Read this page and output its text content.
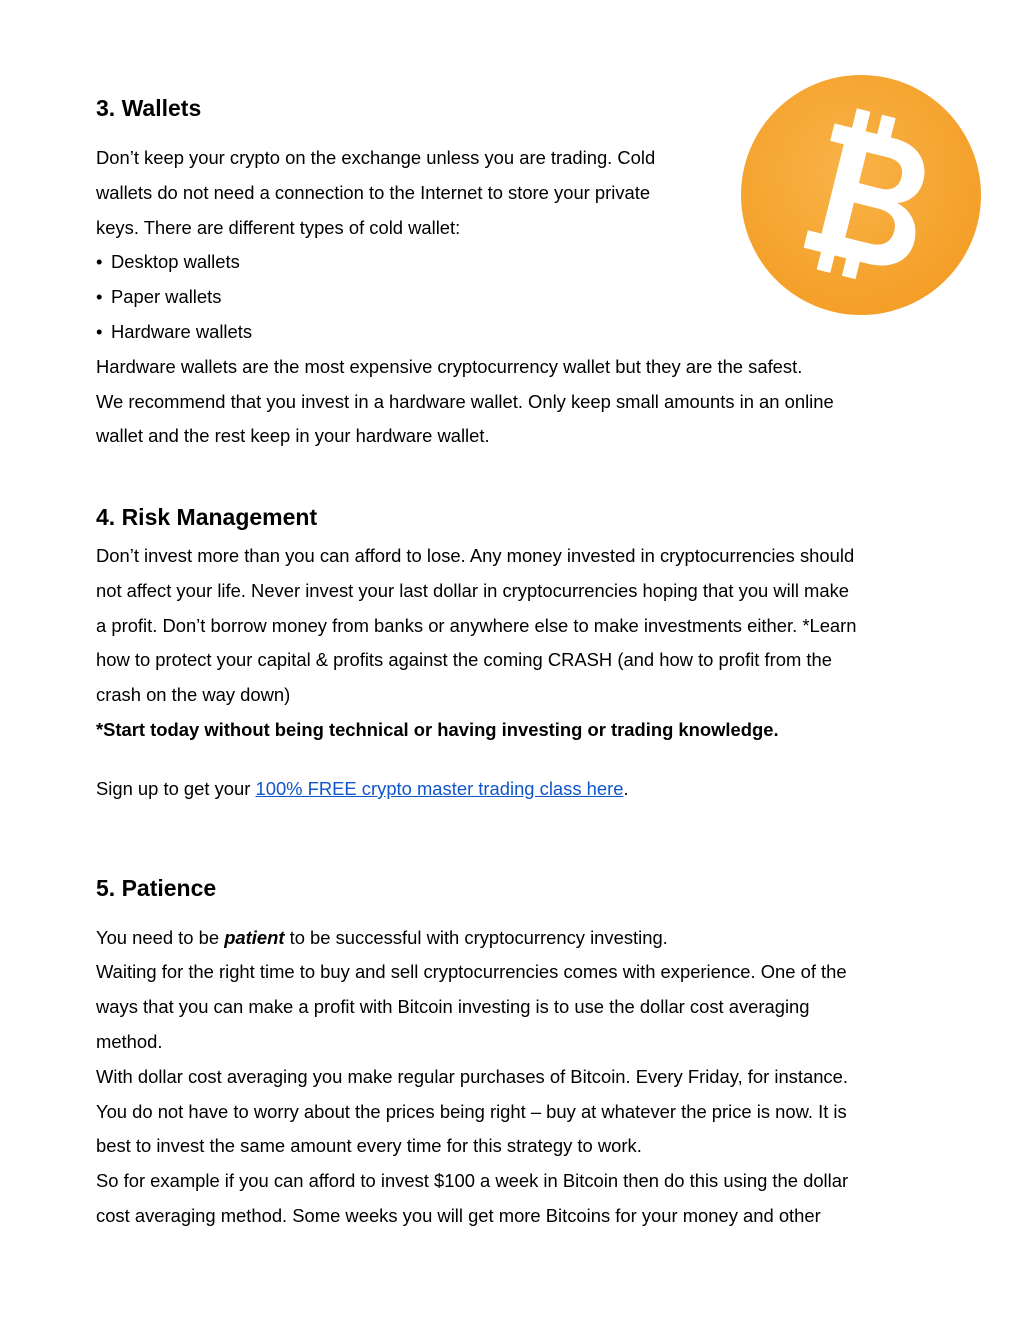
3. Wallets
Don’t keep your crypto on the exchange unless you are trading. Cold
wallets do not need a connection to the Internet to store your private
keys. There are different types of cold wallet:
• Desktop wallets
• Paper wallets
• Hardware wallets
Hardware wallets are the most expensive cryptocurrency wallet but they are the safest.
We recommend that you invest in a hardware wallet. Only keep small amounts in an online
wallet and the rest keep in your hardware wallet.
4. Risk Management
Don’t invest more than you can afford to lose. Any money invested in cryptocurrencies should
not affect your life. Never invest your last dollar in cryptocurrencies hoping that you will make
a profit. Don’t borrow money from banks or anywhere else to make investments either. *Learn
how to protect your capital & profits against the coming CRASH (and how to profit from the
crash on the way down)
*Start today without being technical or having investing or trading knowledge.
Sign up to get your 100% FREE crypto master trading class here.
5. Patience
You need to be patient to be successful with cryptocurrency investing.
Waiting for the right time to buy and sell cryptocurrencies comes with experience. One of the
ways that you can make a profit with Bitcoin investing is to use the dollar cost averaging
method.
With dollar cost averaging you make regular purchases of Bitcoin. Every Friday, for instance.
You do not have to worry about the prices being right – buy at whatever the price is now. It is
best to invest the same amount every time for this strategy to work.
So for example if you can afford to invest $100 a week in Bitcoin then do this using the dollar
cost averaging method. Some weeks you will get more Bitcoins for your money and other
